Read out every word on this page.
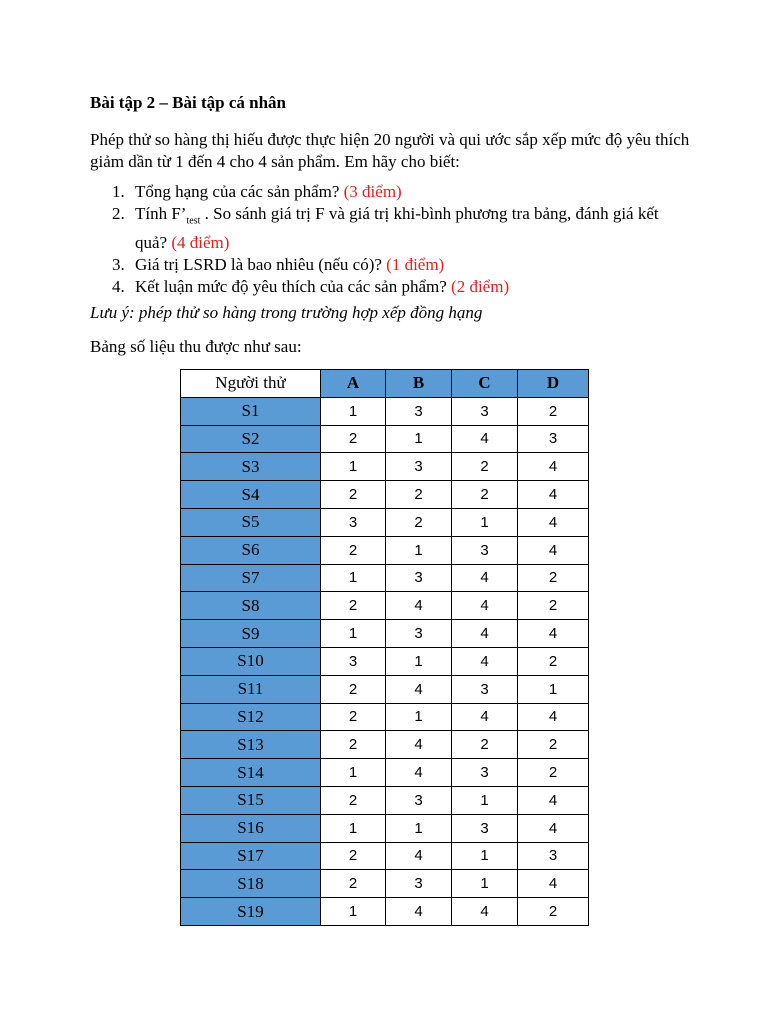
Bài tập 2 – Bài tập cá nhân

Phép thử so hàng thị hiếu được thực hiện 20 người và qui ước sắp xếp mức độ yêu thích giảm dần từ 1 đến 4 cho 4 sản phẩm. Em hãy cho biết:

1. Tổng hạng của các sản phẩm? (3 điểm)
2. Tính $F’_{test}$ . So sánh giá trị F và giá trị khi-bình phương tra bảng, đánh giá kết quả? (4 điểm)
3. Giá trị LSRD là bao nhiêu (nếu có)? (1 điểm)
4. Kết luận mức độ yêu thích của các sản phẩm? (2 điểm)

Lưu ý: phép thử so hàng trong trường hợp xếp đồng hạng

Bảng số liệu thu được như sau:

Người thử	A	B	C	D
S1	1	3	3	2
S2	2	1	4	3
S3	1	3	2	4
S4	2	2	2	4
S5	3	2	1	4
S6	2	1	3	4
S7	1	3	4	2
S8	2	4	4	2
S9	1	3	4	4
S10	3	1	4	2
S11	2	4	3	1
S12	2	1	4	4
S13	2	4	2	2
S14	1	4	3	2
S15	2	3	1	4
S16	1	1	3	4
S17	2	4	1	3
S18	2	3	1	4
S19	1	4	4	2
